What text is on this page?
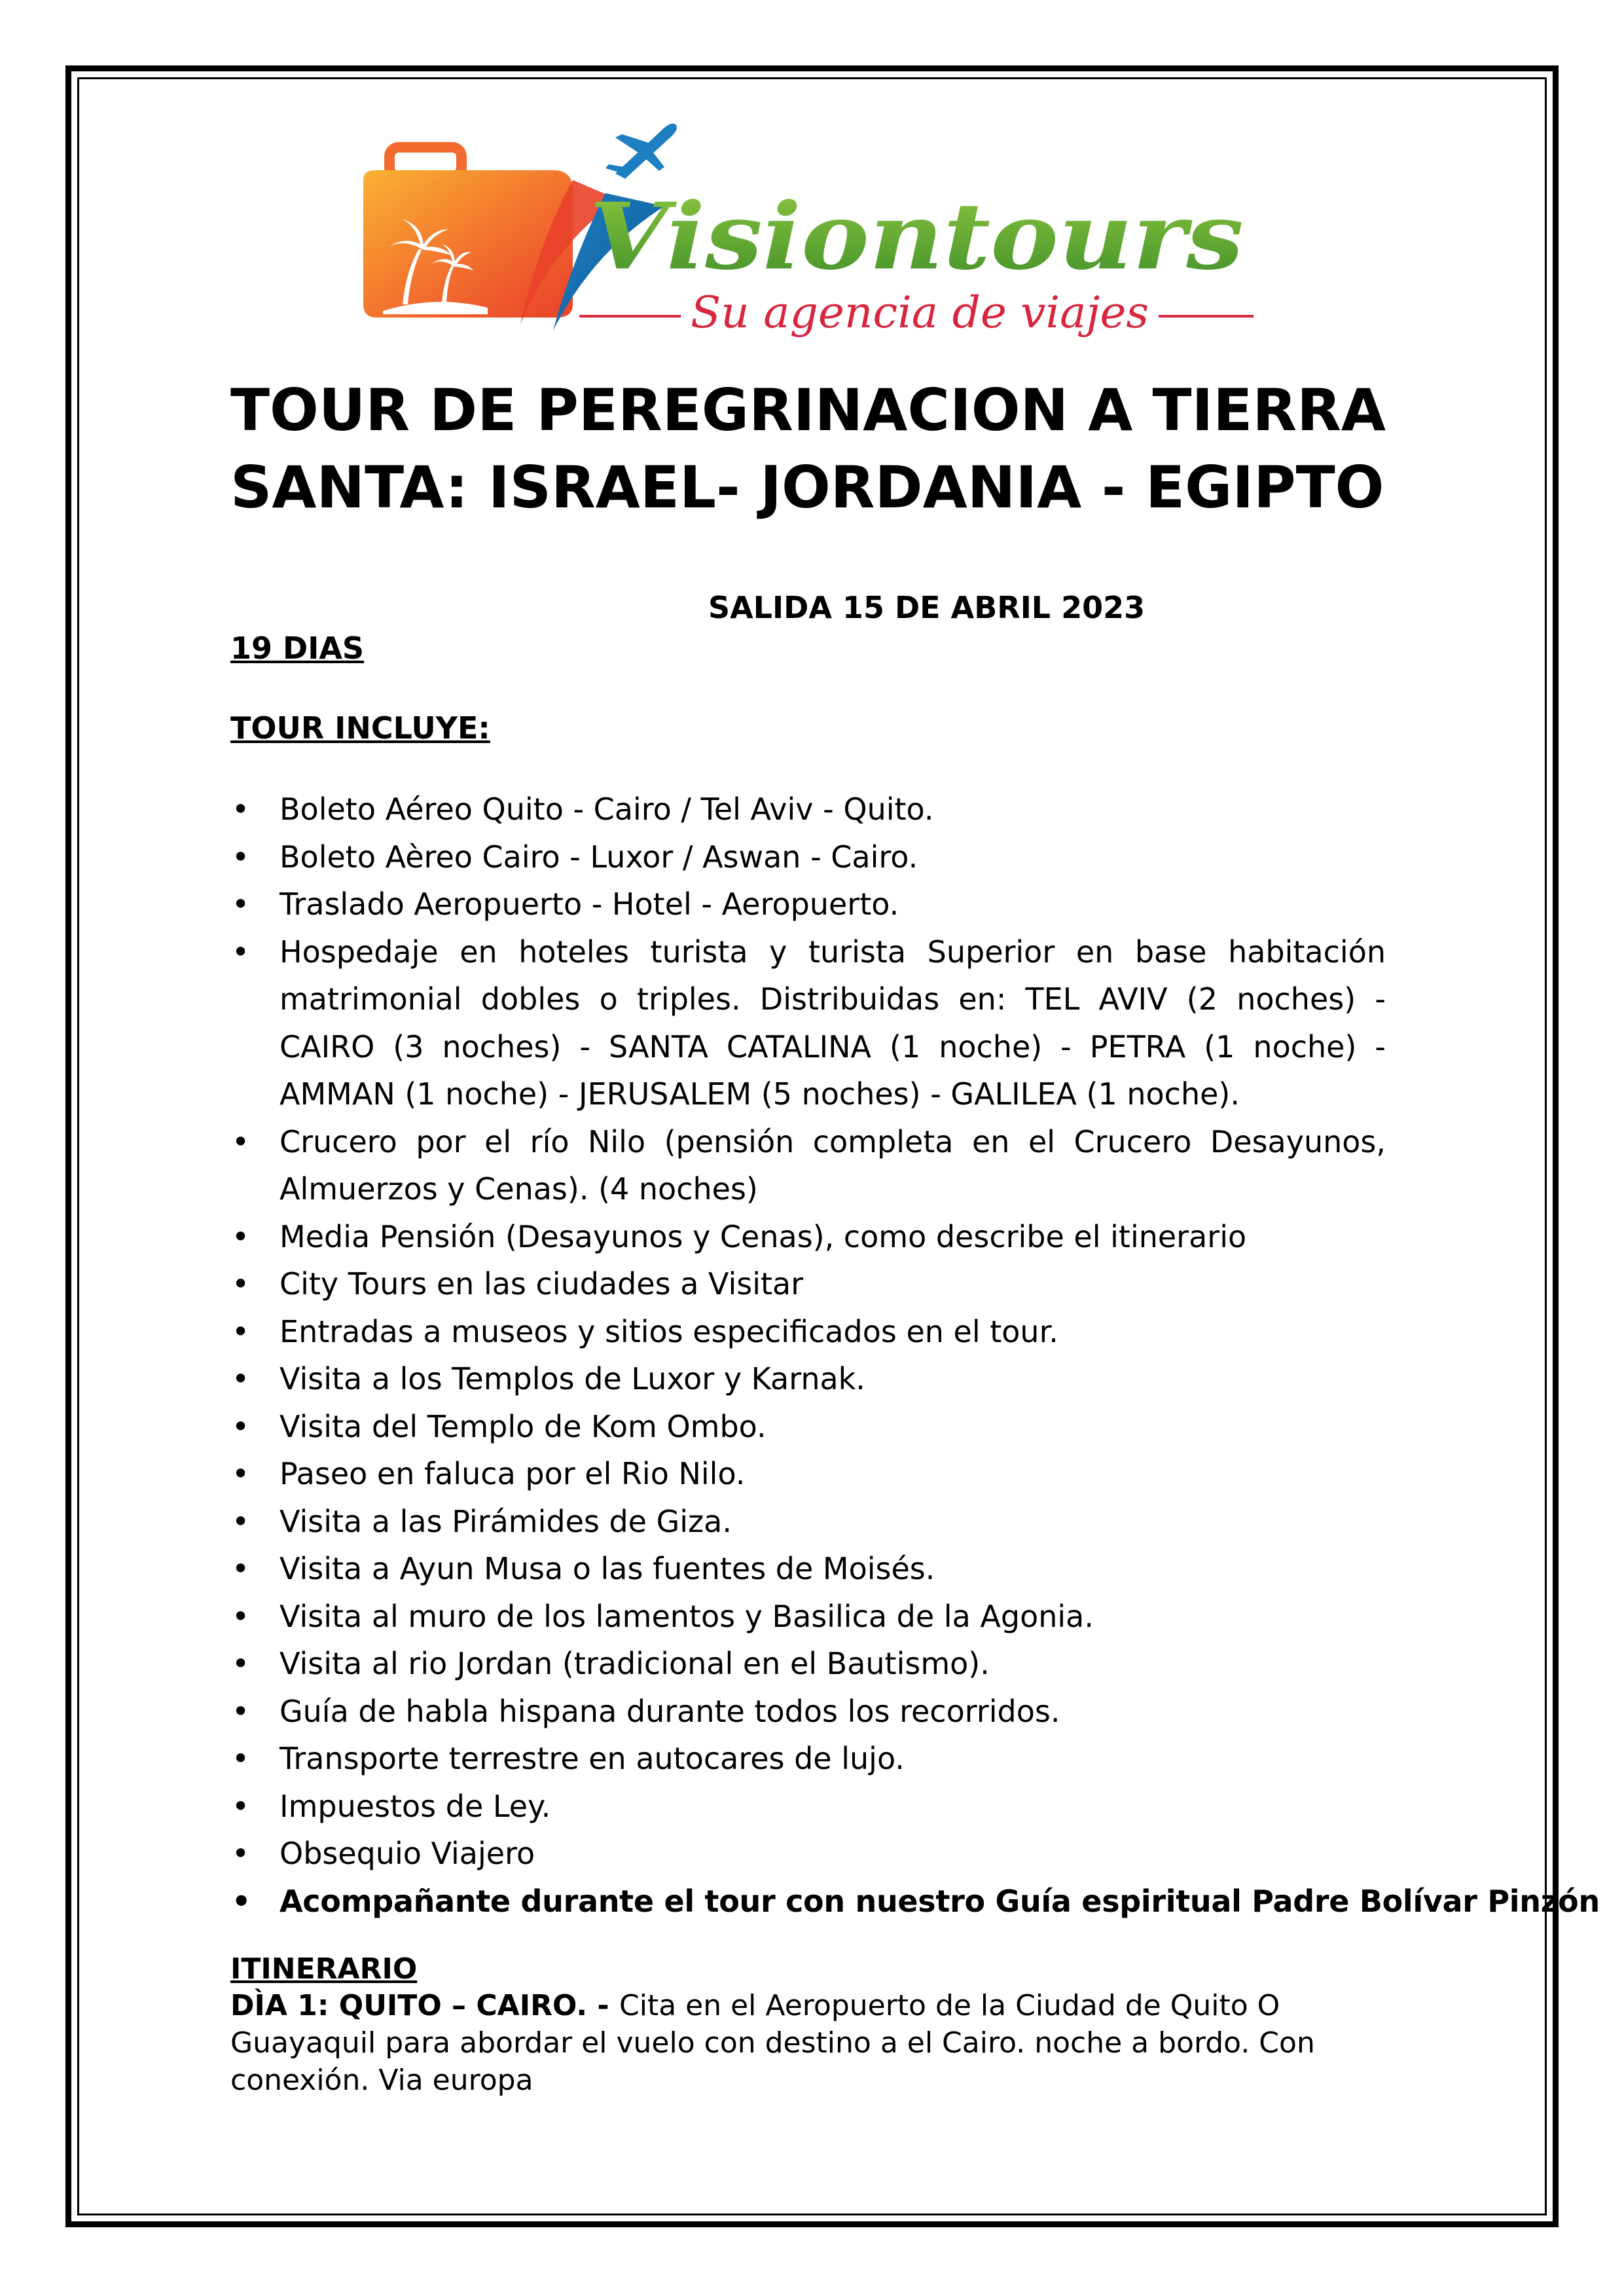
Visiontours
Su agencia de viajes
TOUR DE PEREGRINACION A TIERRA
SANTA: ISRAEL- JORDANIA - EGIPTO
SALIDA 15 DE ABRIL 2023
19 DIAS
TOUR INCLUYE:
• Boleto Aéreo Quito - Cairo / Tel Aviv - Quito.
• Boleto Aèreo Cairo - Luxor / Aswan - Cairo.
• Traslado Aeropuerto - Hotel - Aeropuerto.
• Hospedaje en hoteles turista y turista Superior en base habitación matrimonial dobles o triples. Distribuidas en: TEL AVIV (2 noches) - CAIRO (3 noches) - SANTA CATALINA (1 noche) - PETRA (1 noche) - AMMAN (1 noche) - JERUSALEM (5 noches) - GALILEA (1 noche).
• Crucero por el río Nilo (pensión completa en el Crucero Desayunos, Almuerzos y Cenas). (4 noches)
• Media Pensión (Desayunos y Cenas), como describe el itinerario
• City Tours en las ciudades a Visitar
• Entradas a museos y sitios especificados en el tour.
• Visita a los Templos de Luxor y Karnak.
• Visita del Templo de Kom Ombo.
• Paseo en faluca por el Rio Nilo.
• Visita a las Pirámides de Giza.
• Visita a Ayun Musa o las fuentes de Moisés.
• Visita al muro de los lamentos y Basilica de la Agonia.
• Visita al rio Jordan (tradicional en el Bautismo).
• Guía de habla hispana durante todos los recorridos.
• Transporte terrestre en autocares de lujo.
• Impuestos de Ley.
• Obsequio Viajero
• Acompañante durante el tour con nuestro Guía espiritual Padre Bolívar Pinzón
ITINERARIO

DÌA 1: QUITO – CAIRO. - Cita en el Aeropuerto de la Ciudad de Quito O Guayaquil para abordar el vuelo con destino a el Cairo. noche a bordo. Con conexión. Via europa
